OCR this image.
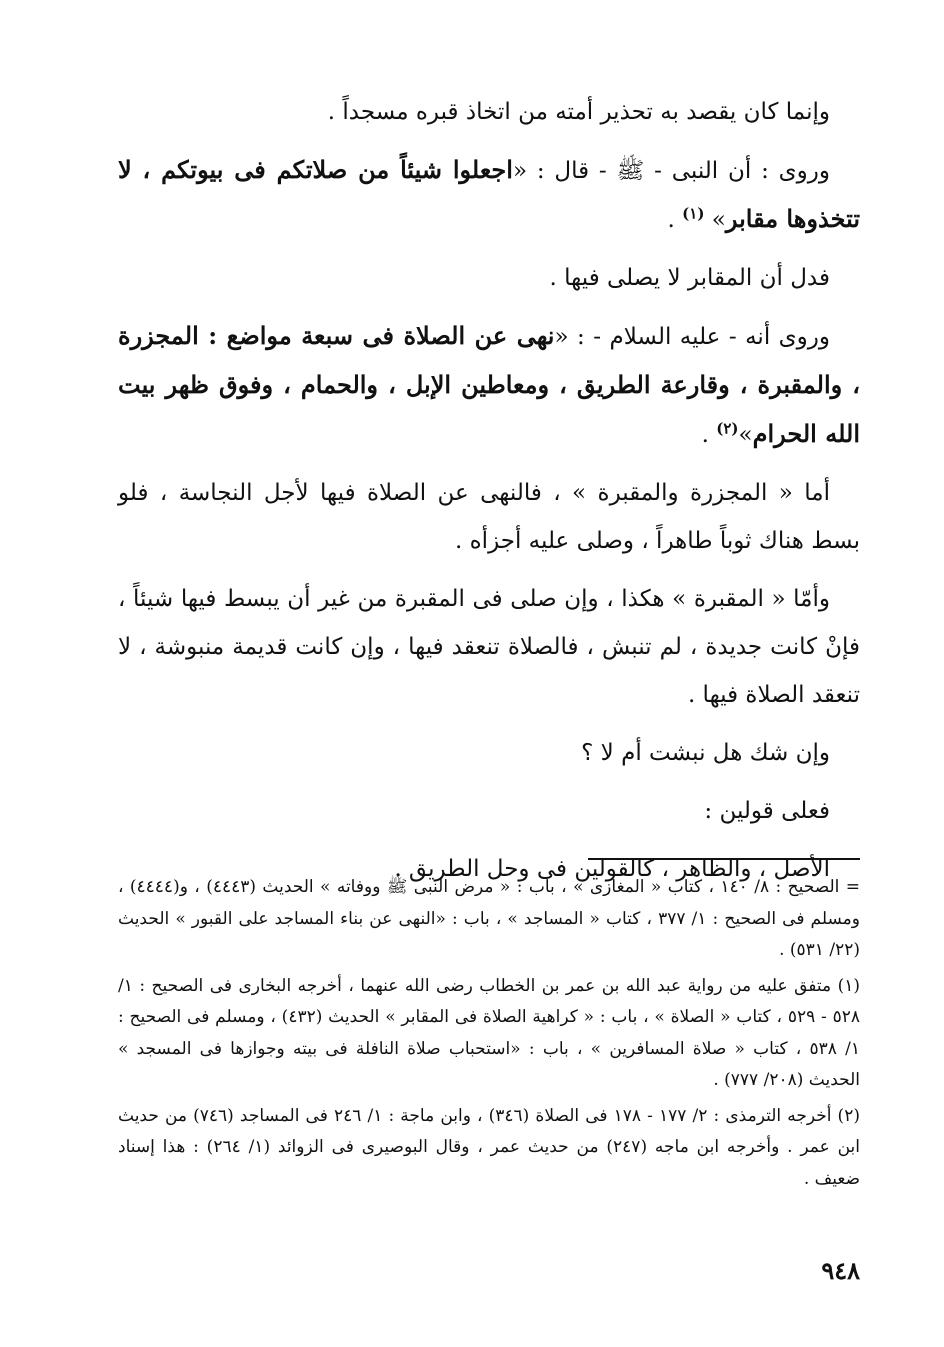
وإنما كان يقصد به تحذير أمته من اتخاذ قبره مسجداً .

وروى : أن النبى - ﷺ - قال : «اجعلوا شيئاً من صلاتكم فى بيوتكم ، لا تتخذوها مقابر» $^{(١)}$ .

فدل أن المقابر لا يصلى فيها .

وروى أنه - عليه السلام - : «نهى عن الصلاة فى سبعة مواضع : المجزرة ، والمقبرة ، وقارعة الطريق ، ومعاطين الإبل ، والحمام ، وفوق ظهر بيت الله الحرام»$^{(٢)}$ .

أما « المجزرة والمقبرة » ، فالنهى عن الصلاة فيها لأجل النجاسة ، فلو بسط هناك ثوباً طاهراً ، وصلى عليه أجزأه .

وأمّا « المقبرة » هكذا ، وإن صلى فى المقبرة من غير أن يبسط فيها شيئاً ، فإنْ كانت جديدة ، لم تنبش ، فالصلاة تنعقد فيها ، وإن كانت قديمة منبوشة ، لا تنعقد الصلاة فيها .

وإن شك هل نبشت أم لا ؟

فعلى قولين :

الأصل ، والظاهر ، كالقولين فى وحل الطريق .

= الصحيح : ٨/ ١٤٠ ، كتاب « المغازى » ، باب : « مرض النبى ﷺ ووفاته » الحديث (٤٤٤٣) ، و(٤٤٤٤) ، ومسلم فى الصحيح : ١/ ٣٧٧ ، كتاب « المساجد » ، باب : «النهى عن بناء المساجد على القبور » الحديث (٢٢/ ٥٣١) .

(١) متفق عليه من رواية عبد الله بن عمر بن الخطاب رضى الله عنهما ، أخرجه البخارى فى الصحيح : ١/ ٥٢٨ - ٥٢٩ ، كتاب « الصلاة » ، باب : « كراهية الصلاة فى المقابر » الحديث (٤٣٢) ، ومسلم فى الصحيح : ١/ ٥٣٨ ، كتاب « صلاة المسافرين » ، باب : «استحباب صلاة النافلة فى بيته وجوازها فى المسجد » الحديث (٢٠٨/ ٧٧٧) .

(٢) أخرجه الترمذى : ٢/ ١٧٧ - ١٧٨ فى الصلاة (٣٤٦) ، وابن ماجة : ١/ ٢٤٦ فى المساجد (٧٤٦) من حديث ابن عمر . وأخرجه ابن ماجه (٢٤٧) من حديث عمر ، وقال البوصيرى فى الزوائد (١/ ٢٦٤) : هذا إسناد ضعيف .

٩٤٨
